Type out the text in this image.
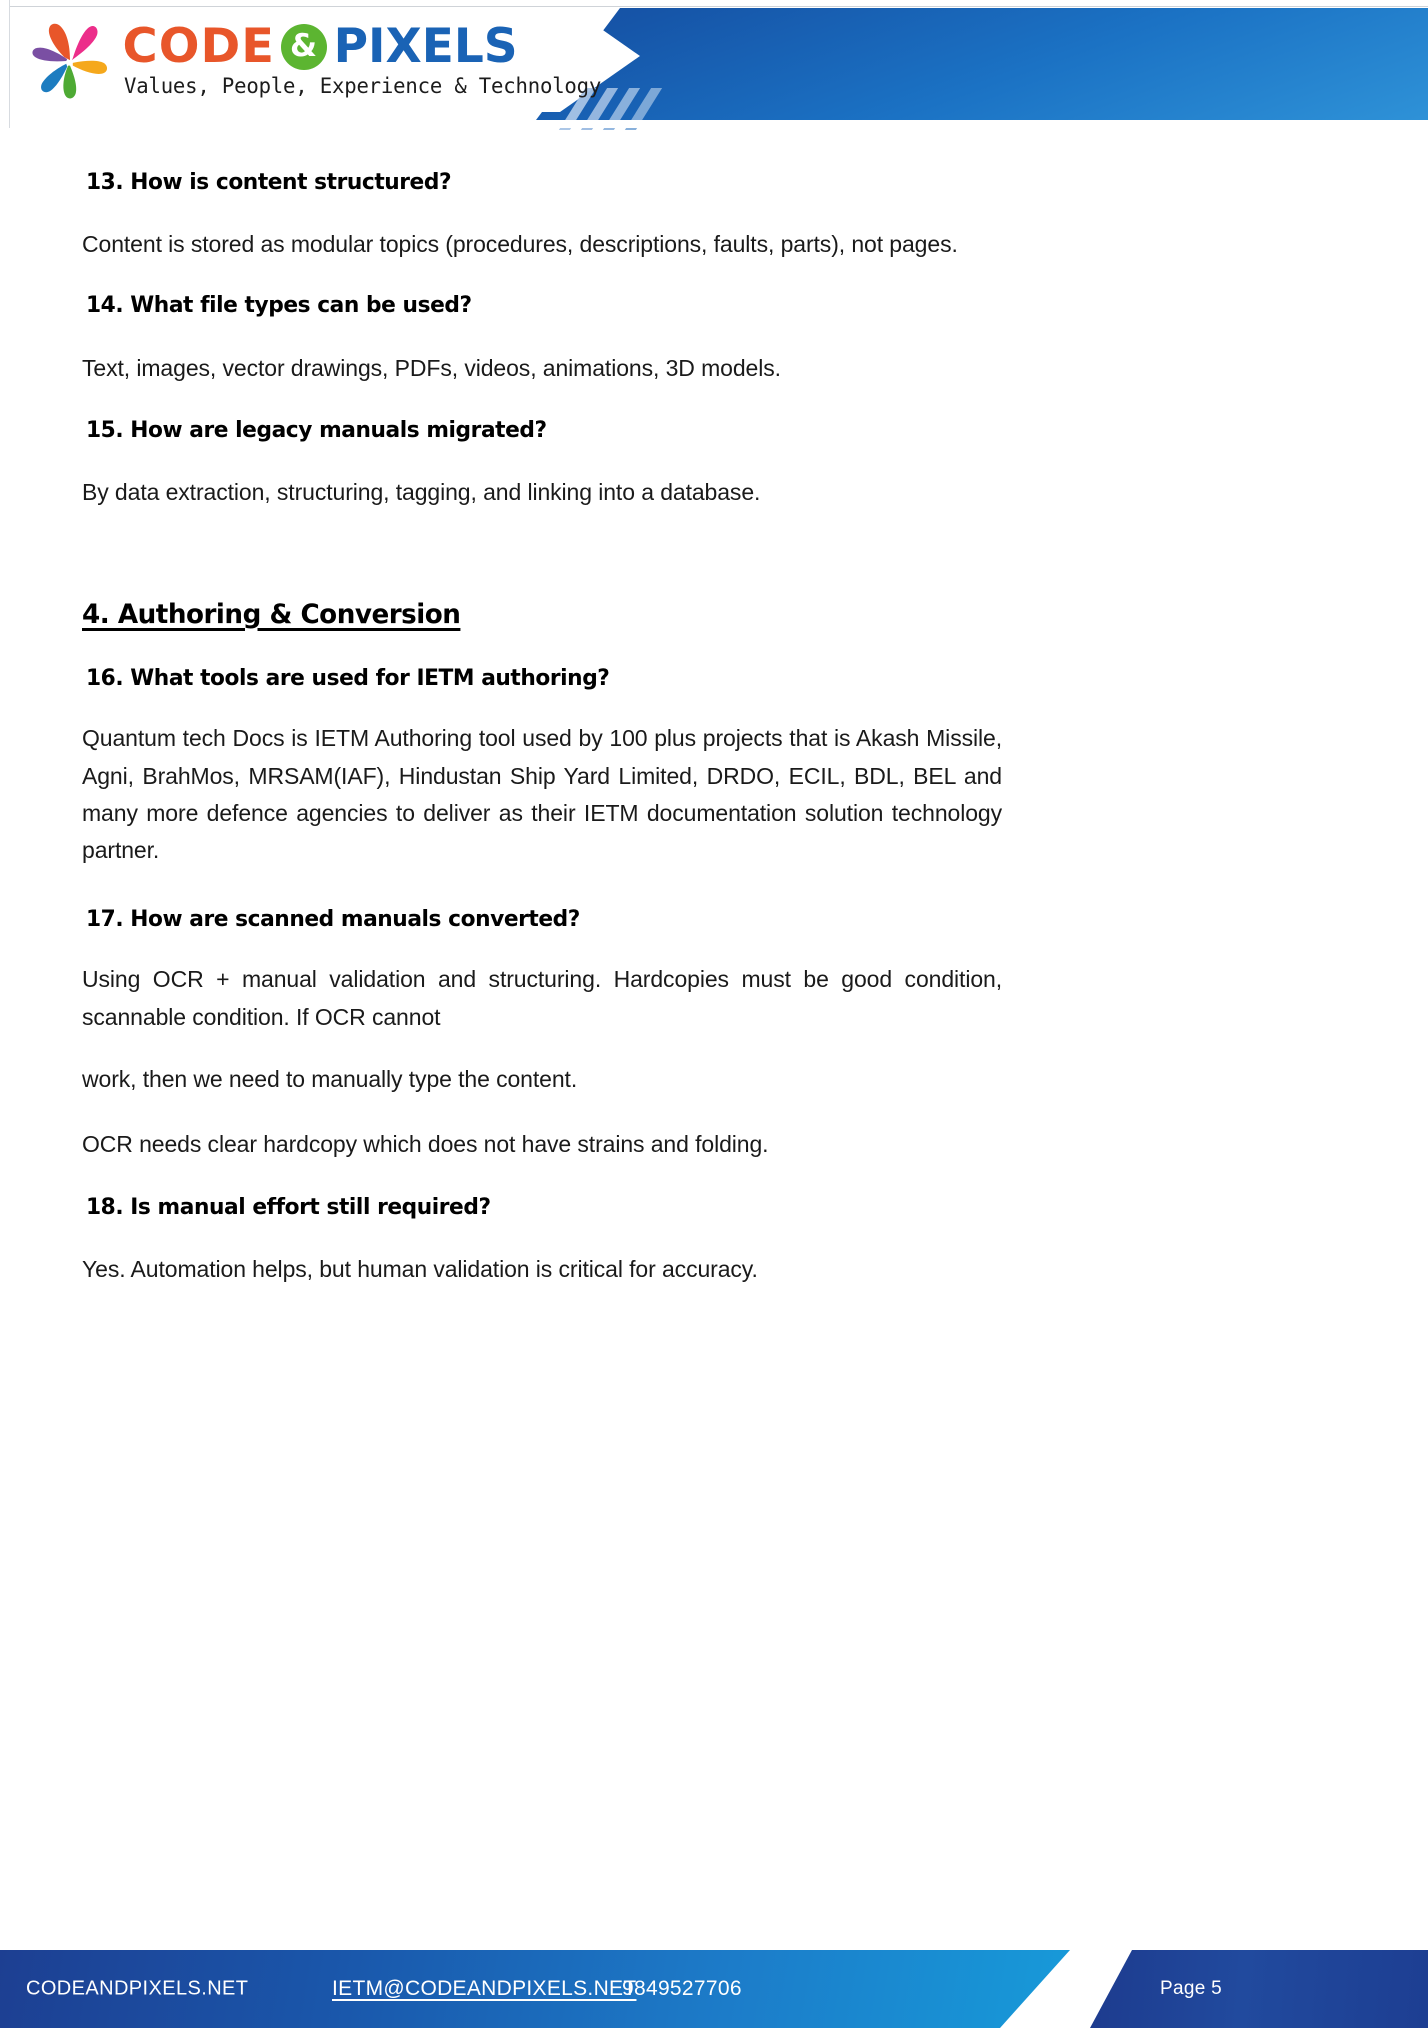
CODE & PIXELS
Values, People, Experience & Technology
13. How is content structured?

Content is stored as modular topics (procedures, descriptions, faults, parts), not pages.

14. What file types can be used?

Text, images, vector drawings, PDFs, videos, animations, 3D models.

15. How are legacy manuals migrated?

By data extraction, structuring, tagging, and linking into a database.

4. Authoring & Conversion
16. What tools are used for IETM authoring?

Quantum tech Docs is IETM Authoring tool used by 100 plus projects that is Akash Missile, Agni, BrahMos, MRSAM(IAF), Hindustan Ship Yard Limited, DRDO, ECIL, BDL, BEL and many more defence agencies to deliver as their IETM documentation solution technology partner.

17. How are scanned manuals converted?

Using OCR + manual validation and structuring. Hardcopies must be good condition, scannable condition. If OCR cannot

work, then we need to manually type the content.

OCR needs clear hardcopy which does not have strains and folding.

18. Is manual effort still required?

Yes. Automation helps, but human validation is critical for accuracy.

CODEANDPIXELS.NET	IETM@CODEANDPIXELS.NET
9849527706	Page 5
